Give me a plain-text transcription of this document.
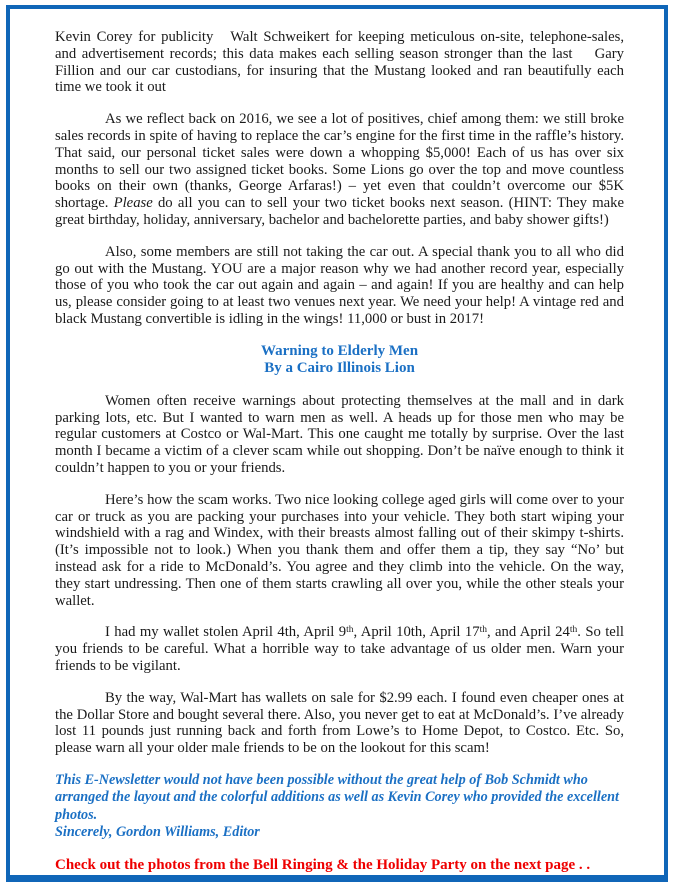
Kevin Corey for publicity   Walt Schweikert for keeping meticulous on-site, telephone-sales, and advertisement records; this data makes each selling season stronger than the last    Gary Fillion and our car custodians, for insuring that the Mustang looked and ran beautifully each time we took it out

As we reflect back on 2016, we see a lot of positives, chief among them: we still broke sales records in spite of having to replace the car’s engine for the first time in the raffle’s history. That said, our personal ticket sales were down a whopping $5,000! Each of us has over six months to sell our two assigned ticket books. Some Lions go over the top and move countless books on their own (thanks, George Arfaras!) – yet even that couldn’t overcome our $5K shortage. Please do all you can to sell your two ticket books next season. (HINT: They make great birthday, holiday, anniversary, bachelor and bachelorette parties, and baby shower gifts!)

Also, some members are still not taking the car out. A special thank you to all who did go out with the Mustang. YOU are a major reason why we had another record year, especially those of you who took the car out again and again – and again! If you are healthy and can help us, please consider going to at least two venues next year. We need your help! A vintage red and black Mustang convertible is idling in the wings! 11,000 or bust in 2017!

Warning to Elderly Men
By a Cairo Illinois Lion

Women often receive warnings about protecting themselves at the mall and in dark parking lots, etc. But I wanted to warn men as well. A heads up for those men who may be regular customers at Costco or Wal-Mart. This one caught me totally by surprise. Over the last month I became a victim of a clever scam while out shopping. Don’t be naïve enough to think it couldn’t happen to you or your friends.

Here’s how the scam works. Two nice looking college aged girls will come over to your car or truck as you are packing your purchases into your vehicle. They both start wiping your windshield with a rag and Windex, with their breasts almost falling out of their skimpy t-shirts. (It’s impossible not to look.) When you thank them and offer them a tip, they say “No’ but instead ask for a ride to McDonald’s. You agree and they climb into the vehicle. On the way, they start undressing. Then one of them starts crawling all over you, while the other steals your wallet.

I had my wallet stolen April 4th, April 9th, April 10th, April 17th, and April 24th. So tell you friends to be careful. What a horrible way to take advantage of us older men. Warn your friends to be vigilant.

By the way, Wal-Mart has wallets on sale for $2.99 each. I found even cheaper ones at the Dollar Store and bought several there. Also, you never get to eat at McDonald’s. I’ve already lost 11 pounds just running back and forth from Lowe’s to Home Depot, to Costco. Etc. So, please warn all your older male friends to be on the lookout for this scam!

This E-Newsletter would not have been possible without the great help of Bob Schmidt who arranged the layout and the colorful additions as well as Kevin Corey who provided the excellent photos.

Sincerely, Gordon Williams, Editor

Check out the photos from the Bell Ringing & the Holiday Party on the next page . .
